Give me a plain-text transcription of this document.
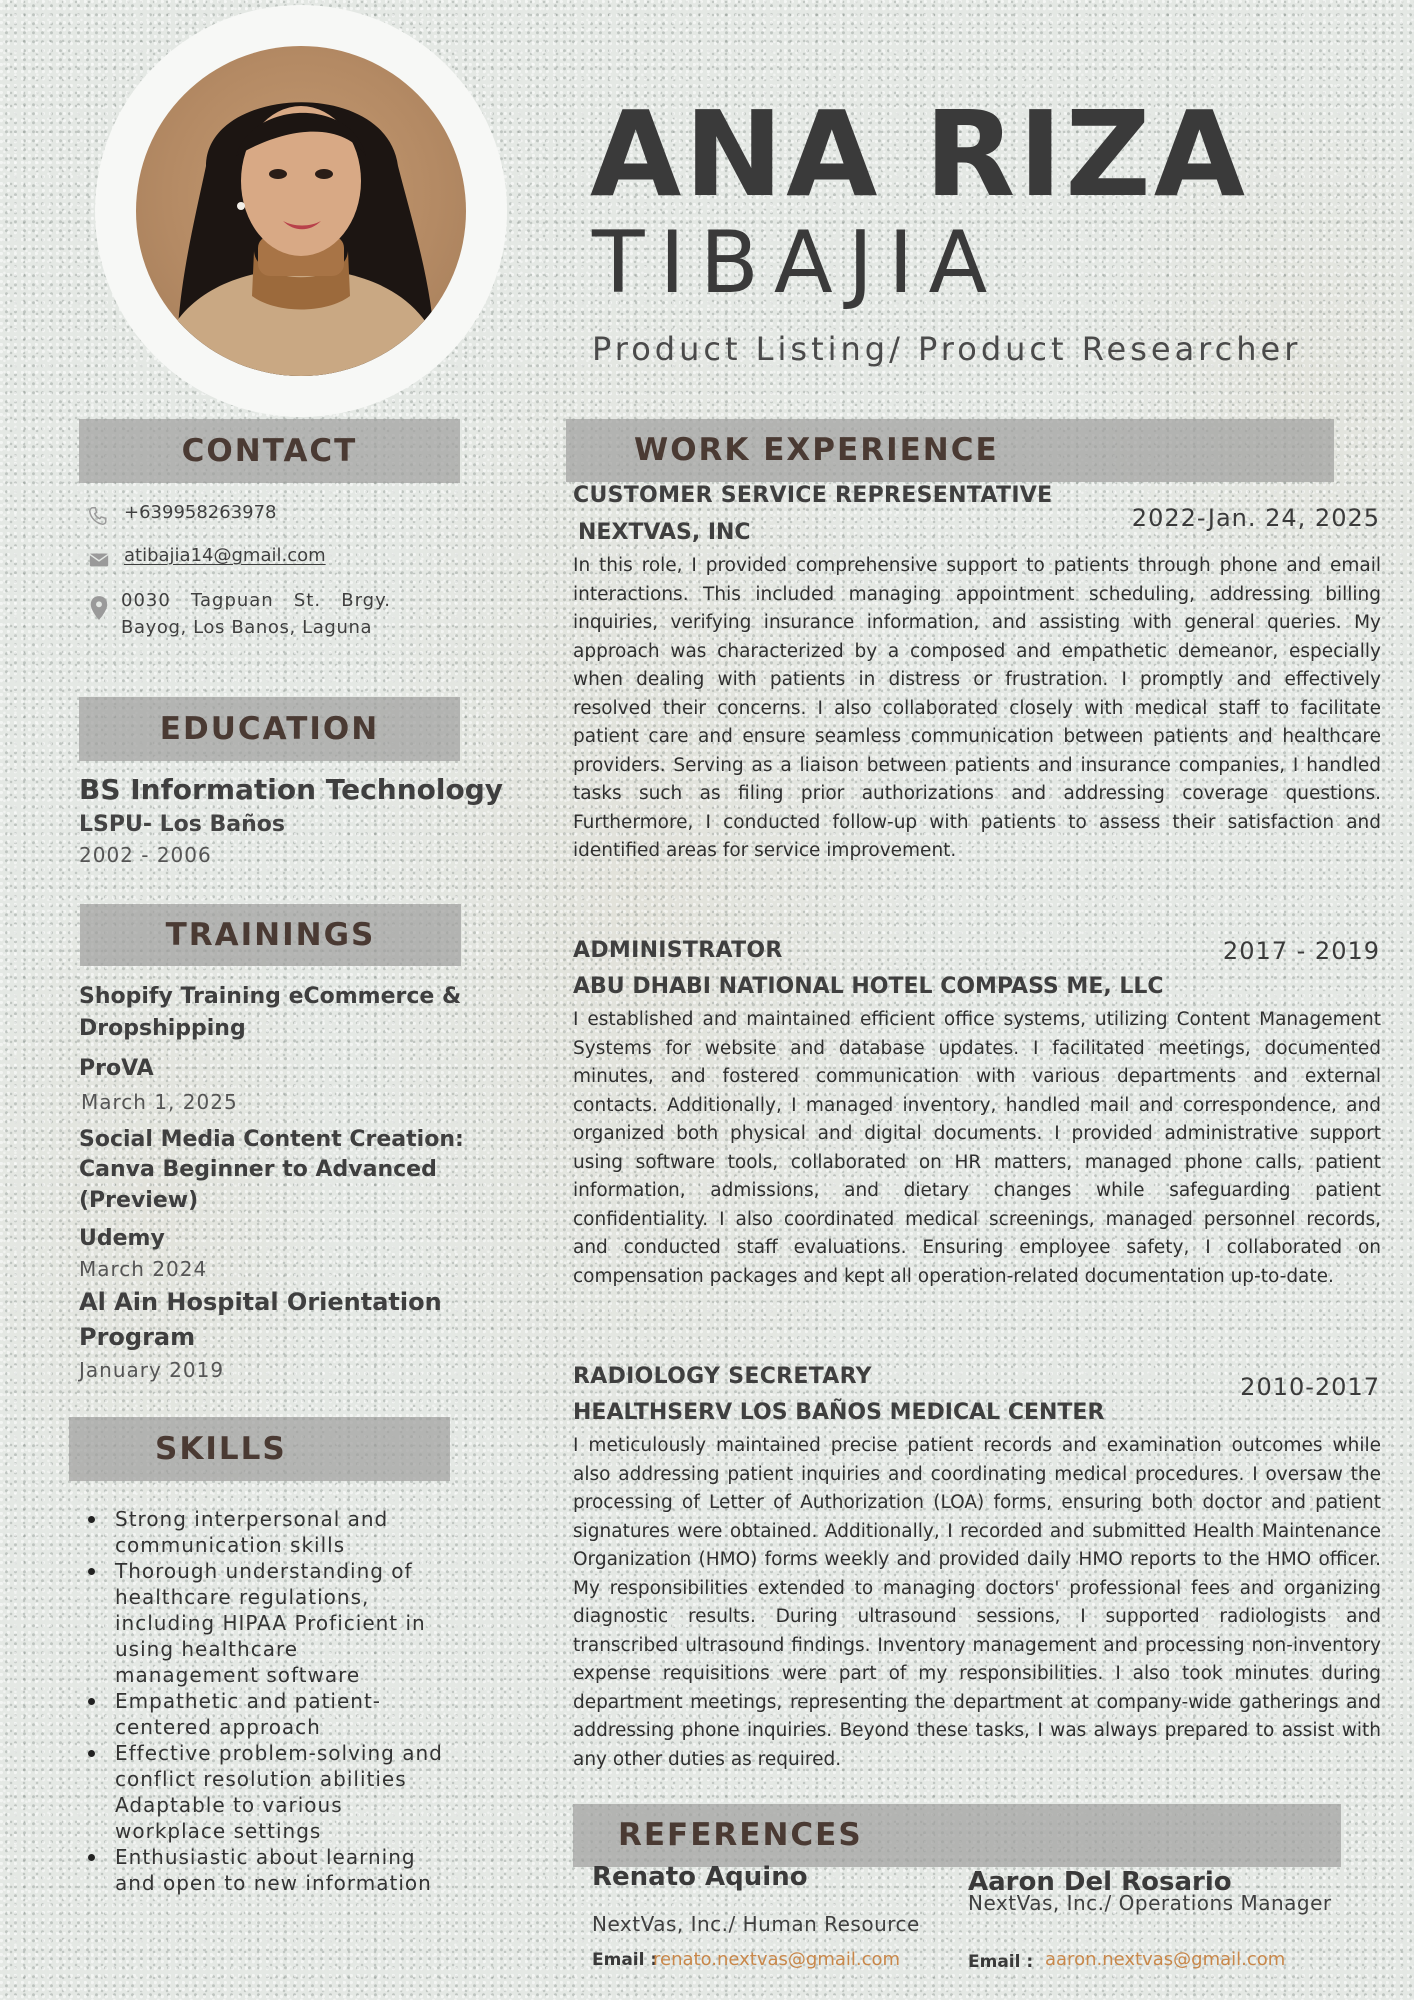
ANA RIZA
TIBAJIA
Product Listing/ Product Researcher
CONTACT
+639958263978
atibajia14@gmail.com
0030   Tagpuan   St.   Brgy.
Bayog, Los Banos, Laguna
EDUCATION
BS Information Technology
LSPU- Los Baños
2002 - 2006
TRAININGS
Shopify Training eCommerce &
Dropshipping
ProVA
March 1, 2025
Social Media Content Creation:
Canva Beginner to Advanced
(Preview)
Udemy
March 2024
Al Ain Hospital Orientation
Program
January 2019
SKILLS
Strong interpersonal and
communication skills
Thorough understanding of
healthcare regulations,
including HIPAA Proficient in
using healthcare
management software
Empathetic and patient-
centered approach
Effective problem-solving and
conflict resolution abilities
Adaptable to various
workplace settings
Enthusiastic about learning
and open to new information
WORK EXPERIENCE
CUSTOMER SERVICE REPRESENTATIVE
2022-Jan. 24, 2025
NEXTVAS, INC
In this role, I provided comprehensive support to patients through phone and email interactions. This included managing appointment scheduling, addressing billing inquiries, verifying insurance information, and assisting with general queries. My approach was characterized by a composed and empathetic demeanor, especially when dealing with patients in distress or frustration. I promptly and effectively resolved their concerns. I also collaborated closely with medical staff to facilitate patient care and ensure seamless communication between patients and healthcare providers. Serving as a liaison between patients and insurance companies, I handled tasks such as filing prior authorizations and addressing coverage questions. Furthermore, I conducted follow-up with patients to assess their satisfaction and identified areas for service improvement.
ADMINISTRATOR	2017 - 2019
ABU DHABI NATIONAL HOTEL COMPASS ME, LLC
I established and maintained efficient office systems, utilizing Content Management Systems for website and database updates. I facilitated meetings, documented minutes, and fostered communication with various departments and external contacts. Additionally, I managed inventory, handled mail and correspondence, and organized both physical and digital documents. I provided administrative support using software tools, collaborated on HR matters, managed phone calls, patient information, admissions, and dietary changes while safeguarding patient confidentiality. I also coordinated medical screenings, managed personnel records, and conducted staff evaluations. Ensuring employee safety, I collaborated on compensation packages and kept all operation-related documentation up-to-date.
RADIOLOGY SECRETARY	2010-2017
HEALTHSERV LOS BAÑOS MEDICAL CENTER
I meticulously maintained precise patient records and examination outcomes while also addressing patient inquiries and coordinating medical procedures. I oversaw the processing of Letter of Authorization (LOA) forms, ensuring both doctor and patient signatures were obtained. Additionally, I recorded and submitted Health Maintenance Organization (HMO) forms weekly and provided daily HMO reports to the HMO officer. My responsibilities extended to managing doctors' professional fees and organizing diagnostic results. During ultrasound sessions, I supported radiologists and transcribed ultrasound findings. Inventory management and processing non-inventory expense requisitions were part of my responsibilities. I also took minutes during department meetings, representing the department at company-wide gatherings and addressing phone inquiries. Beyond these tasks, I was always prepared to assist with any other duties as required.
REFERENCES
Renato Aquino
NextVas, Inc./ Human Resource
Email :
renato.nextvas@gmail.com
Aaron Del Rosario
NextVas, Inc./ Operations Manager
Email : aaron.nextvas@gmail.com
